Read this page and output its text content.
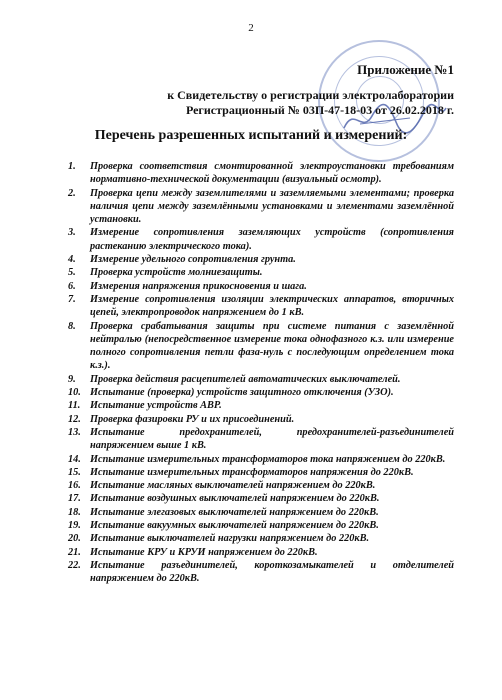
2
Приложение №1
к Свидетельству о регистрации электролаборатории
Регистрационный № 03П-47-18-03 от 26.02.2018 г.
Перечень разрешенных испытаний и измерений:
1.	Проверка соответствия смонтированной электроустановки требованиям нормативно-технической документации (визуальный осмотр).
2.	Проверка цепи между заземлителями и заземляемыми элементами; проверка наличия цепи между заземлёнными установками и элементами заземлённой установки.
3.	Измерение сопротивления заземляющих устройств (сопротивления растеканию электрического тока).
4.	Измерение удельного сопротивления грунта.
5.	Проверка устройств молниезащиты.
6.	Измерения напряжения прикосновения и шага.
7.	Измерение сопротивления изоляции электрических аппаратов, вторичных цепей, электропроводок напряжением до 1 кВ.
8.	Проверка срабатывания защиты при системе питания с заземлённой нейтралью (непосредственное измерение тока однофазного к.з. или измерение полного сопротивления петли фаза-нуль с последующим определением тока к.з.).
9.	Проверка действия расцепителей автоматических выключателей.
10. Испытание (проверка) устройств защитного отключения (УЗО).
11. Испытание устройств АВР.
12. Проверка фазировки РУ и их присоединений.
13. Испытание предохранителей, предохранителей-разъединителей напряжением выше 1 кВ.
14. Испытание измерительных трансформаторов тока напряжением до 220кВ.
15. Испытание измерительных трансформаторов напряжения до 220кВ.
16. Испытание масляных выключателей напряжением до 220кВ.
17. Испытание воздушных выключателей напряжением до 220кВ.
18. Испытание элегазовых выключателей напряжением до 220кВ.
19. Испытание вакуумных выключателей напряжением до 220кВ.
20. Испытание выключателей нагрузки напряжением до 220кВ.
21. Испытание КРУ и КРУИ напряжением до 220кВ.
22. Испытание разъединителей, короткозамыкателей и отделителей напряжением до 220кВ.
